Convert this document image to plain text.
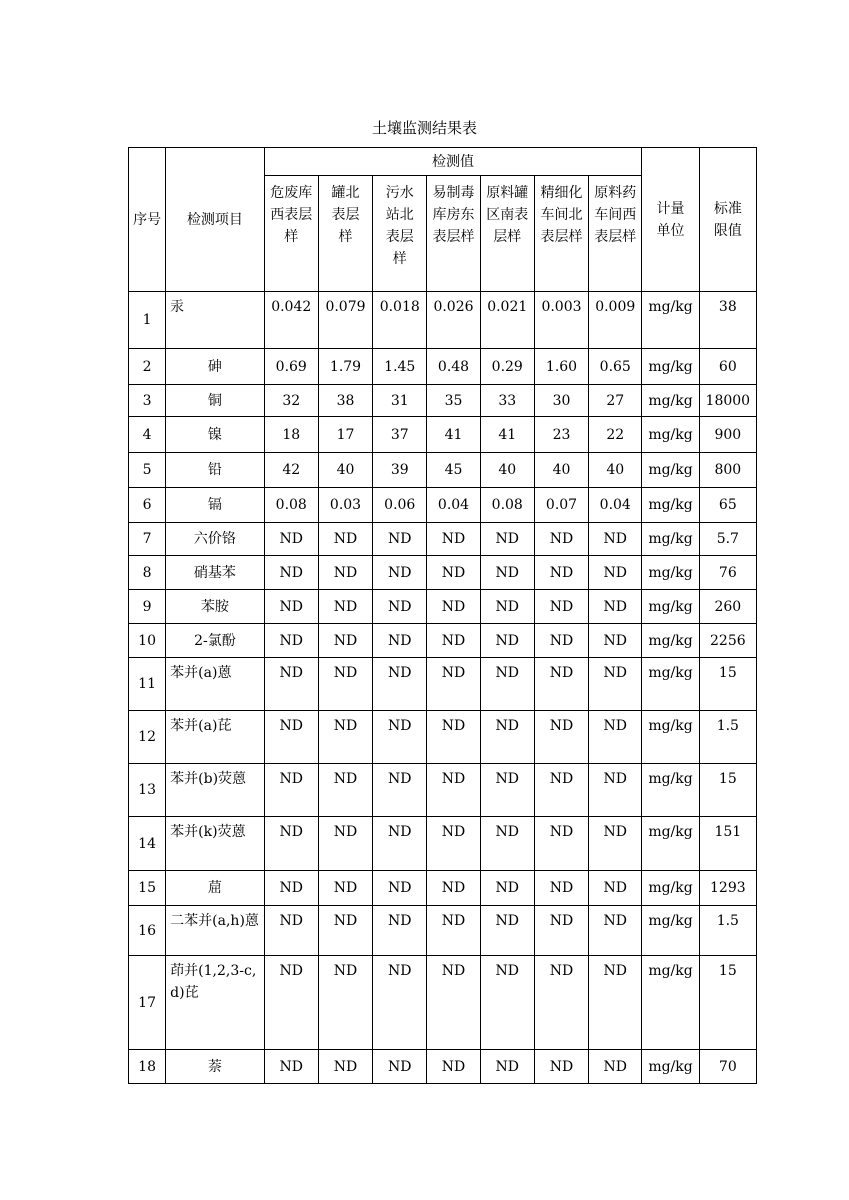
土壤监测结果表
序号	检测项目	检测值							计量单位	标准限值

		危废库西表层样	罐北表层样	污水站北表层样	易制毒库房东表层样	原料罐区南表层样	精细化车间北表层样	原料药车间西表层样		

1	汞	0.042	0.079	0.018	0.026	0.021	0.003	0.009	mg/kg	38
2	砷	0.69	1.79	1.45	0.48	0.29	1.60	0.65	mg/kg	60
3	铜	32	38	31	35	33	30	27	mg/kg	18000
4	镍	18	17	37	41	41	23	22	mg/kg	900
5	铅	42	40	39	45	40	40	40	mg/kg	800
6	镉	0.08	0.03	0.06	0.04	0.08	0.07	0.04	mg/kg	65
7	六价铬	ND	ND	ND	ND	ND	ND	ND	mg/kg	5.7
8	硝基苯	ND	ND	ND	ND	ND	ND	ND	mg/kg	76
9	苯胺	ND	ND	ND	ND	ND	ND	ND	mg/kg	260
10	2-氯酚	ND	ND	ND	ND	ND	ND	ND	mg/kg	2256
11	苯并(a)蒽	ND	ND	ND	ND	ND	ND	ND	mg/kg	15
12	苯并(a)芘	ND	ND	ND	ND	ND	ND	ND	mg/kg	1.5
13	苯并(b)荧蒽	ND	ND	ND	ND	ND	ND	ND	mg/kg	15
14	苯并(k)荧蒽	ND	ND	ND	ND	ND	ND	ND	mg/kg	151
15	䓛	ND	ND	ND	ND	ND	ND	ND	mg/kg	1293
16	二苯并(a,h)蒽	ND	ND	ND	ND	ND	ND	ND	mg/kg	1.5
17	茚并(1,2,3-c,d)芘	ND	ND	ND	ND	ND	ND	ND	mg/kg	15
18	萘	ND	ND	ND	ND	ND	ND	ND	mg/kg	70
